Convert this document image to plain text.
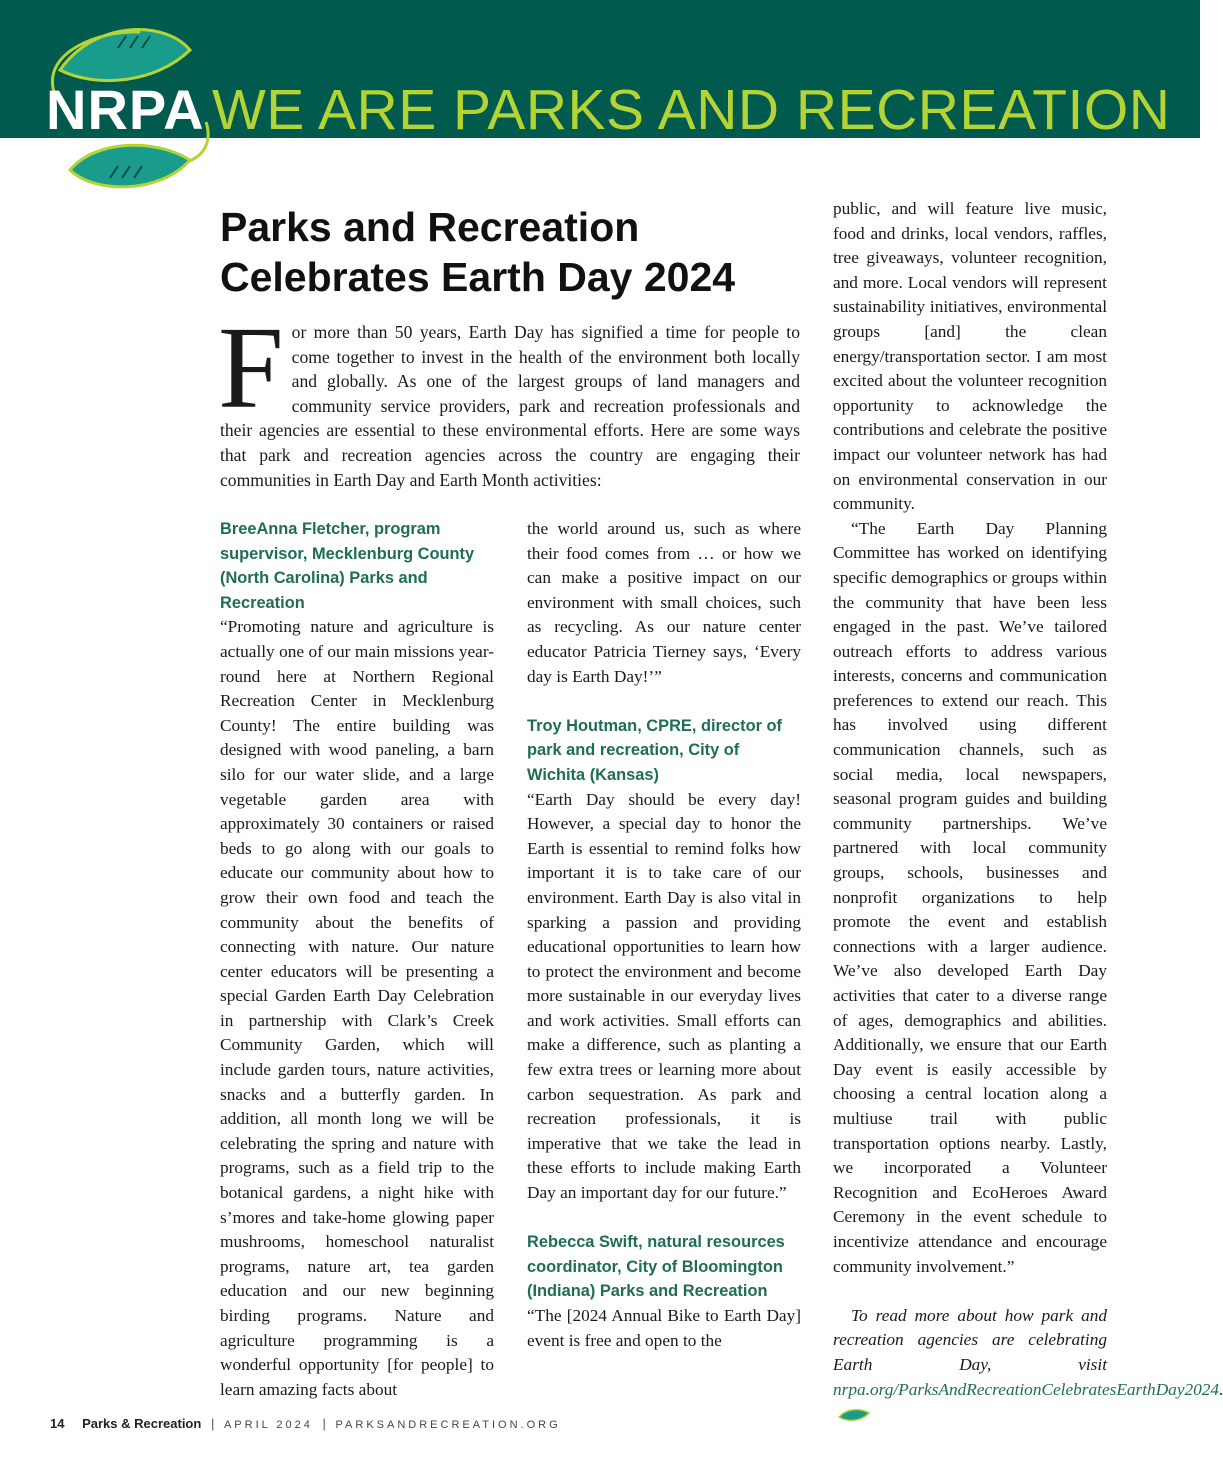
NRPA WE ARE PARKS AND RECREATION
Parks and Recreation
Celebrates Earth Day 2024

For more than 50 years, Earth Day has signified a time for people to come together to invest in the health of the environment both locally and globally. As one of the largest groups of land managers and community service providers, park and recreation professionals and their agencies are essential to these environmental efforts. Here are some ways that park and recreation agencies across the country are engaging their communities in Earth Day and Earth Month activities:

BreeAnna Fletcher, program supervisor, Mecklenburg County (North Carolina) Parks and Recreation

“Promoting nature and agriculture is actually one of our main missions year-round here at Northern Regional Recreation Center in Mecklenburg County! The entire building was designed with wood paneling, a barn silo for our water slide, and a large vegetable garden area with approximately 30 containers or raised beds to go along with our goals to educate our community about how to grow their own food and teach the community about the benefits of connecting with nature. Our nature center educators will be presenting a special Garden Earth Day Celebration in partnership with Clark’s Creek Community Garden, which will include garden tours, nature activities, snacks and a butterfly garden. In addition, all month long we will be celebrating the spring and nature with programs, such as a field trip to the botanical gardens, a night hike with s’mores and take-home glowing paper mushrooms, homeschool naturalist programs, nature art, tea garden education and our new beginning birding programs. Nature and agriculture programming is a wonderful opportunity [for people] to learn amazing facts about

the world around us, such as where their food comes from … or how we can make a positive impact on our environment with small choices, such as recycling. As our nature center educator Patricia Tierney says, ‘Every day is Earth Day!’”

Troy Houtman, CPRE, director of park and recreation, City of Wichita (Kansas)

“Earth Day should be every day! However, a special day to honor the Earth is essential to remind folks how important it is to take care of our environment. Earth Day is also vital in sparking a passion and providing educational opportunities to learn how to protect the environment and become more sustainable in our everyday lives and work activities. Small efforts can make a difference, such as planting a few extra trees or learning more about carbon sequestration. As park and recreation professionals, it is imperative that we take the lead in these efforts to include making Earth Day an important day for our future.”

Rebecca Swift, natural resources coordinator, City of Bloomington (Indiana) Parks and Recreation

“The [2024 Annual Bike to Earth Day] event is free and open to the

public, and will feature live music, food and drinks, local vendors, raffles, tree giveaways, volunteer recognition, and more. Local vendors will represent sustainability initiatives, environmental groups [and] the clean energy/transportation sector. I am most excited about the volunteer recognition opportunity to acknowledge the contributions and celebrate the positive impact our volunteer network has had on environmental conservation in our community.

“The Earth Day Planning Committee has worked on identifying specific demographics or groups within the community that have been less engaged in the past. We’ve tailored outreach efforts to address various interests, concerns and communication preferences to extend our reach. This has involved using different communication channels, such as social media, local newspapers, seasonal program guides and building community partnerships. We’ve partnered with local community groups, schools, businesses and nonprofit organizations to help promote the event and establish connections with a larger audience. We’ve also developed Earth Day activities that cater to a diverse range of ages, demographics and abilities. Additionally, we ensure that our Earth Day event is easily accessible by choosing a central location along a multiuse trail with public transportation options nearby. Lastly, we incorporated a Volunteer Recognition and EcoHeroes Award Ceremony in the event schedule to incentivize attendance and encourage community involvement.”

To read more about how park and recreation agencies are celebrating Earth Day, visit nrpa.org/ParksAndRecreationCelebratesEarthDay2024.

14 Parks & Recreation | APRIL 2024 | PARKSANDRECREATION.ORG
